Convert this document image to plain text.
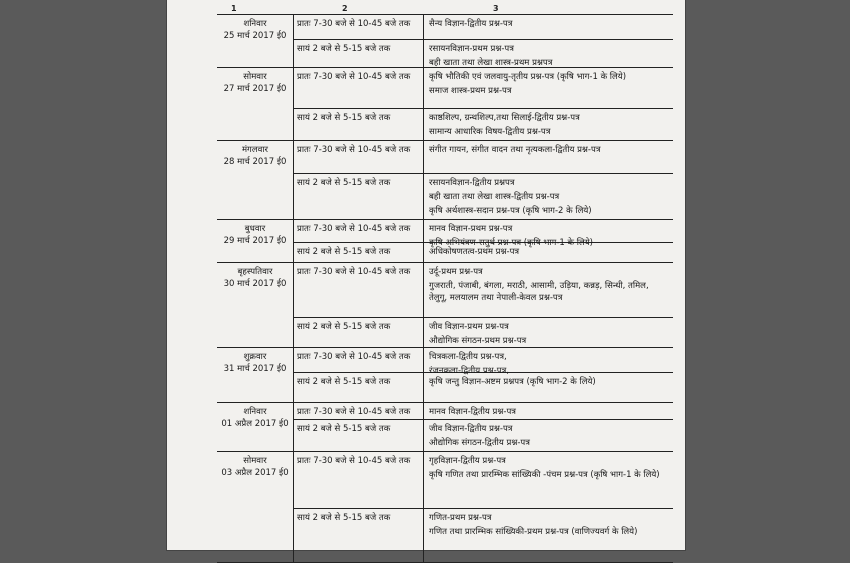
1	2	3
शनिवार
25 मार्च 2017 ई0
प्रातः 7-30 बजे से 10-45 बजे तक	सैन्य विज्ञान-द्वितीय प्रश्न-पत्र
सायं 2 बजे से 5-15 बजे तक	रसायनविज्ञान-प्रथम प्रश्न-पत्र
बही खाता तथा लेखा शास्त्र-प्रथम प्रश्नपत्र
सोमवार
27 मार्च 2017 ई0
प्रातः 7-30 बजे से 10-45 बजे तक	कृषि भौतिकी एवं जलवायु-तृतीय प्रश्न-पत्र (कृषि भाग-1 के लिये)
समाज शास्त्र-प्रथम प्रश्न-पत्र
सायं 2 बजे से 5-15 बजे तक	काष्ठशिल्प, ग्रन्थशिल्प,तथा सिलाई-द्वितीय प्रश्न-पत्र
सामान्य आधारिक विषय-द्वितीय प्रश्न-पत्र
मंगलवार
28 मार्च 2017 ई0
प्रातः 7-30 बजे से 10-45 बजे तक	संगीत गायन, संगीत वादन तथा नृत्यकला-द्वितीय प्रश्न-पत्र
सायं 2 बजे से 5-15 बजे तक	रसायनविज्ञान-द्वितीय प्रश्नपत्र
बही खाता तथा लेखा शास्त्र-द्वितीय प्रश्न-पत्र
कृषि अर्थशास्त्र-सदान प्रश्न-पत्र (कृषि भाग-2 के लिये)
बुधवार
29 मार्च 2017 ई0
प्रातः 7-30 बजे से 10-45 बजे तक	मानव विज्ञान-प्रथम प्रश्न-पत्र
कृषि अभियंत्रण-सतुर्थ प्रश्न-पत्र (कृषि भाग-1 के लिये)
सायं 2 बजे से 5-15 बजे तक	अधिकोषणतत्व-प्रथम प्रश्न-पत्र
बृहस्पतिवार
30 मार्च 2017 ई0
प्रातः 7-30 बजे से 10-45 बजे तक	उर्दू-प्रथम प्रश्न-पत्र
गुजराती, पंजाबी, बंगला, मराठी, आसामी, उड़िया, कन्नड़, सिन्धी, तमिल, तेलुगू, मलयालम तथा नेपाली-केवल प्रश्न-पत्र
सायं 2 बजे से 5-15 बजे तक	जीव विज्ञान-प्रथम प्रश्न-पत्र
औद्योगिक संगठन-प्रथम प्रश्न-पत्र
शुक्रवार
31 मार्च 2017 ई0
प्रातः 7-30 बजे से 10-45 बजे तक	चित्रकला-द्वितीय प्रश्न-पत्र,
रंजनकला-द्वितीय प्रश्न-पत्र,
सायं 2 बजे से 5-15 बजे तक	कृषि जन्तु विज्ञान-अष्टम प्रश्नपत्र (कृषि भाग-2 के लिये)
शनिवार
01 अप्रैल 2017 ई0
प्रातः 7-30 बजे से 10-45 बजे तक	मानव विज्ञान-द्वितीय प्रश्न-पत्र
सायं 2 बजे से 5-15 बजे तक	जीव विज्ञान-द्वितीय प्रश्न-पत्र
औद्योगिक संगठन-द्वितीय प्रश्न-पत्र
सोमवार
03 अप्रैल 2017 ई0
प्रातः 7-30 बजे से 10-45 बजे तक	गृहविज्ञान-द्वितीय प्रश्न-पत्र
कृषि गणित तथा प्रारम्भिक सांख्यिकी -पंचम प्रश्न-पत्र (कृषि भाग-1 के लिये)
सायं 2 बजे से 5-15 बजे तक	गणित-प्रथम प्रश्न-पत्र
गणित तथा प्रारम्भिक सांख्यिकी-प्रथम प्रश्न-पत्र (वाणिज्यवर्ग के लिये)
